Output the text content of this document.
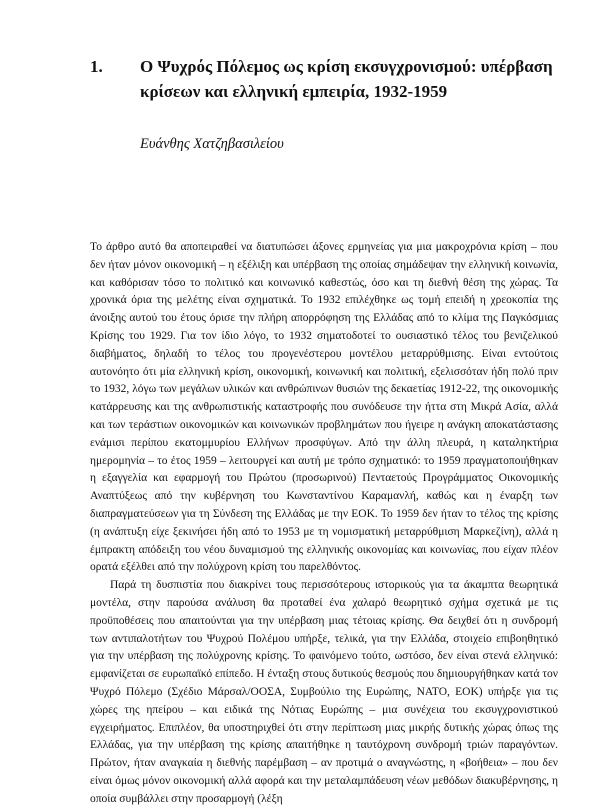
1.	Ο Ψυχρός Πόλεμος ως κρίση εκσυγχρονισμού: υπέρβαση κρίσεων και ελληνική εμπειρία, 1932-1959
Ευάνθης Χατζηβασιλείου

Το άρθρο αυτό θα αποπειραθεί να διατυπώσει άξονες ερμηνείας για μια μακροχρόνια κρίση – που δεν ήταν μόνον οικονομική – η εξέλιξη και υπέρβαση της οποίας σημάδεψαν την ελληνική κοινωνία, και καθόρισαν τόσο το πολιτικό και κοινωνικό καθεστώς, όσο και τη διεθνή θέση της χώρας. Τα χρονικά όρια της μελέτης είναι σχηματικά. Το 1932 επιλέχθηκε ως τομή επειδή η χρεοκοπία της άνοιξης αυτού του έτους όρισε την πλήρη απορρόφηση της Ελλάδας από το κλίμα της Παγκόσμιας Κρίσης του 1929. Για τον ίδιο λόγο, το 1932 σηματοδοτεί το ουσιαστικό τέλος του βενιζελικού διαβήματος, δηλαδή το τέλος του προγενέστερου μοντέλου μεταρρύθμισης. Είναι εντούτοις αυτονόητο ότι μία ελληνική κρίση, οικονομική, κοινωνική και πολιτική, εξελισσόταν ήδη πολύ πριν το 1932, λόγω των μεγάλων υλικών και ανθρώπινων θυσιών της δεκαετίας 1912-22, της οικονομικής κατάρρευσης και της ανθρωπιστικής καταστροφής που συνόδευσε την ήττα στη Μικρά Ασία, αλλά και των τεράστιων οικονομικών και κοινωνικών προβλημάτων που ήγειρε η ανάγκη αποκατάστασης ενάμισι περίπου εκατομμυρίου Ελλήνων προσφύγων. Από την άλλη πλευρά, η καταληκτήρια ημερομηνία – το έτος 1959 – λειτουργεί και αυτή με τρόπο σχηματικό: το 1959 πραγματοποιήθηκαν η εξαγγελία και εφαρμογή του Πρώτου (προσωρινού) Πενταετούς Προγράμματος Οικονομικής Αναπτύξεως από την κυβέρνηση του Κωνσταντίνου Καραμανλή, καθώς και η έναρξη των διαπραγματεύσεων για τη Σύνδεση της Ελλάδας με την ΕΟΚ. Το 1959 δεν ήταν το τέλος της κρίσης (η ανάπτυξη είχε ξεκινήσει ήδη από το 1953 με τη νομισματική μεταρρύθμιση Μαρκεζίνη), αλλά η έμπρακτη απόδειξη του νέου δυναμισμού της ελληνικής οικονομίας και κοινωνίας, που είχαν πλέον ορατά εξέλθει από την πολύχρονη κρίση του παρελθόντος.

Παρά τη δυσπιστία που διακρίνει τους περισσότερους ιστορικούς για τα άκαμπτα θεωρητικά μοντέλα, στην παρούσα ανάλυση θα προταθεί ένα χαλαρό θεωρητικό σχήμα σχετικά με τις προϋποθέσεις που απαιτούνται για την υπέρβαση μιας τέτοιας κρίσης. Θα δειχθεί ότι η συνδρομή των αντιπαλοτήτων του Ψυχρού Πολέμου υπήρξε, τελικά, για την Ελλάδα, στοιχείο επιβοηθητικό για την υπέρβαση της πολύχρονης κρίσης. Το φαινόμενο τούτο, ωστόσο, δεν είναι στενά ελληνικό: εμφανίζεται σε ευρωπαϊκό επίπεδο. Η ένταξη στους δυτικούς θεσμούς που δημιουργήθηκαν κατά τον Ψυχρό Πόλεμο (Σχέδιο Μάρσαλ/ΟΟΣΑ, Συμβούλιο της Ευρώπης, ΝΑΤΟ, ΕΟΚ) υπήρξε για τις χώρες της ηπείρου – και ειδικά της Νότιας Ευρώπης – μια συνέχεια του εκσυγχρονιστικού εγχειρήματος. Επιπλέον, θα υποστηριχθεί ότι στην περίπτωση μιας μικρής δυτικής χώρας όπως της Ελλάδας, για την υπέρβαση της κρίσης απαιτήθηκε η ταυτόχρονη συνδρομή τριών παραγόντων. Πρώτον, ήταν αναγκαία η διεθνής παρέμβαση – αν προτιμά ο αναγνώστης, η «βοήθεια» – που δεν είναι όμως μόνον οικονομική αλλά αφορά και την μεταλαμπάδευση νέων μεθόδων διακυβέρνησης, η οποία συμβάλλει στην προσαρμογή (λέξη
